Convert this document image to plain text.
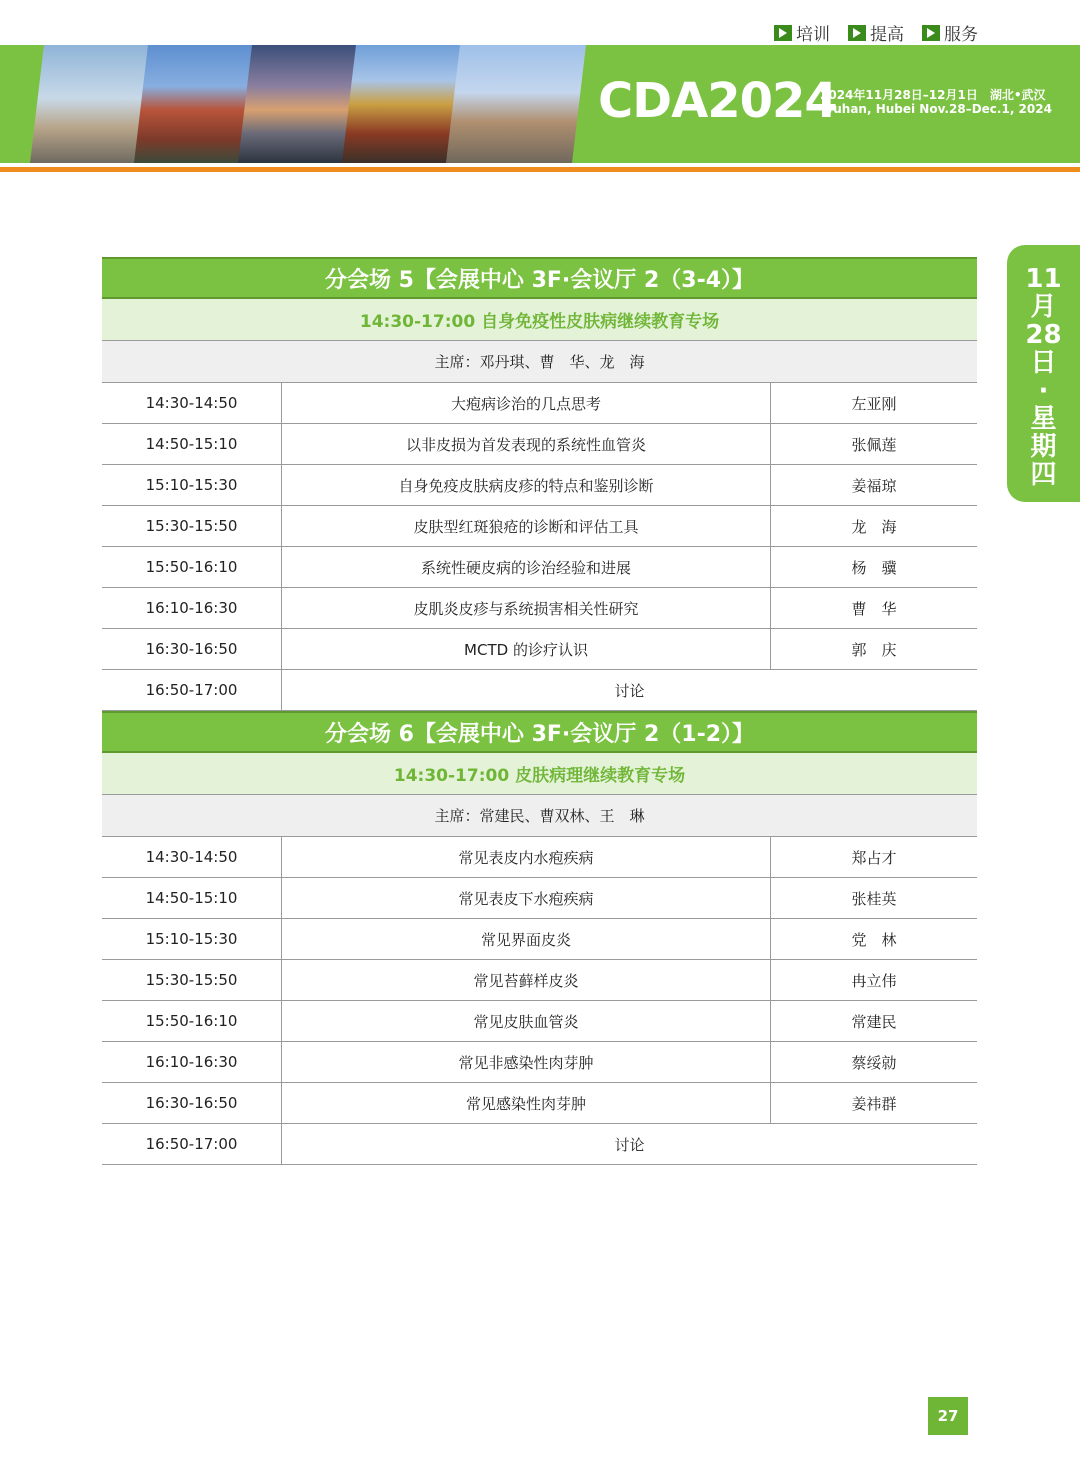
培训 提高 服务
CDA2024
2024年11月28日–12月1日 湖北•武汉
Wuhan, Hubei Nov.28–Dec.1, 2024
11
月
28
日
·
星
期
四
分会场 5【会展中心 3F·会议厅 2（3-4）】
14:30-17:00 自身免疫性皮肤病继续教育专场
主席：邓丹琪、曹　华、龙　海
14:30-14:50	大疱病诊治的几点思考	左亚刚
14:50-15:10	以非皮损为首发表现的系统性血管炎	张佩莲
15:10-15:30	自身免疫皮肤病皮疹的特点和鉴别诊断	姜福琼
15:30-15:50	皮肤型红斑狼疮的诊断和评估工具	龙　海
15:50-16:10	系统性硬皮病的诊治经验和进展	杨　骥
16:10-16:30	皮肌炎皮疹与系统损害相关性研究	曹　华
16:30-16:50	MCTD 的诊疗认识	郭　庆
16:50-17:00	讨论
分会场 6【会展中心 3F·会议厅 2（1-2）】
14:30-17:00 皮肤病理继续教育专场
主席：常建民、曹双林、王　琳
14:30-14:50	常见表皮内水疱疾病	郑占才
14:50-15:10	常见表皮下水疱疾病	张桂英
15:10-15:30	常见界面皮炎	党　林
15:30-15:50	常见苔藓样皮炎	冉立伟
15:50-16:10	常见皮肤血管炎	常建民
16:10-16:30	常见非感染性肉芽肿	蔡绥勍
16:30-16:50	常见感染性肉芽肿	姜祎群
16:50-17:00	讨论
27
